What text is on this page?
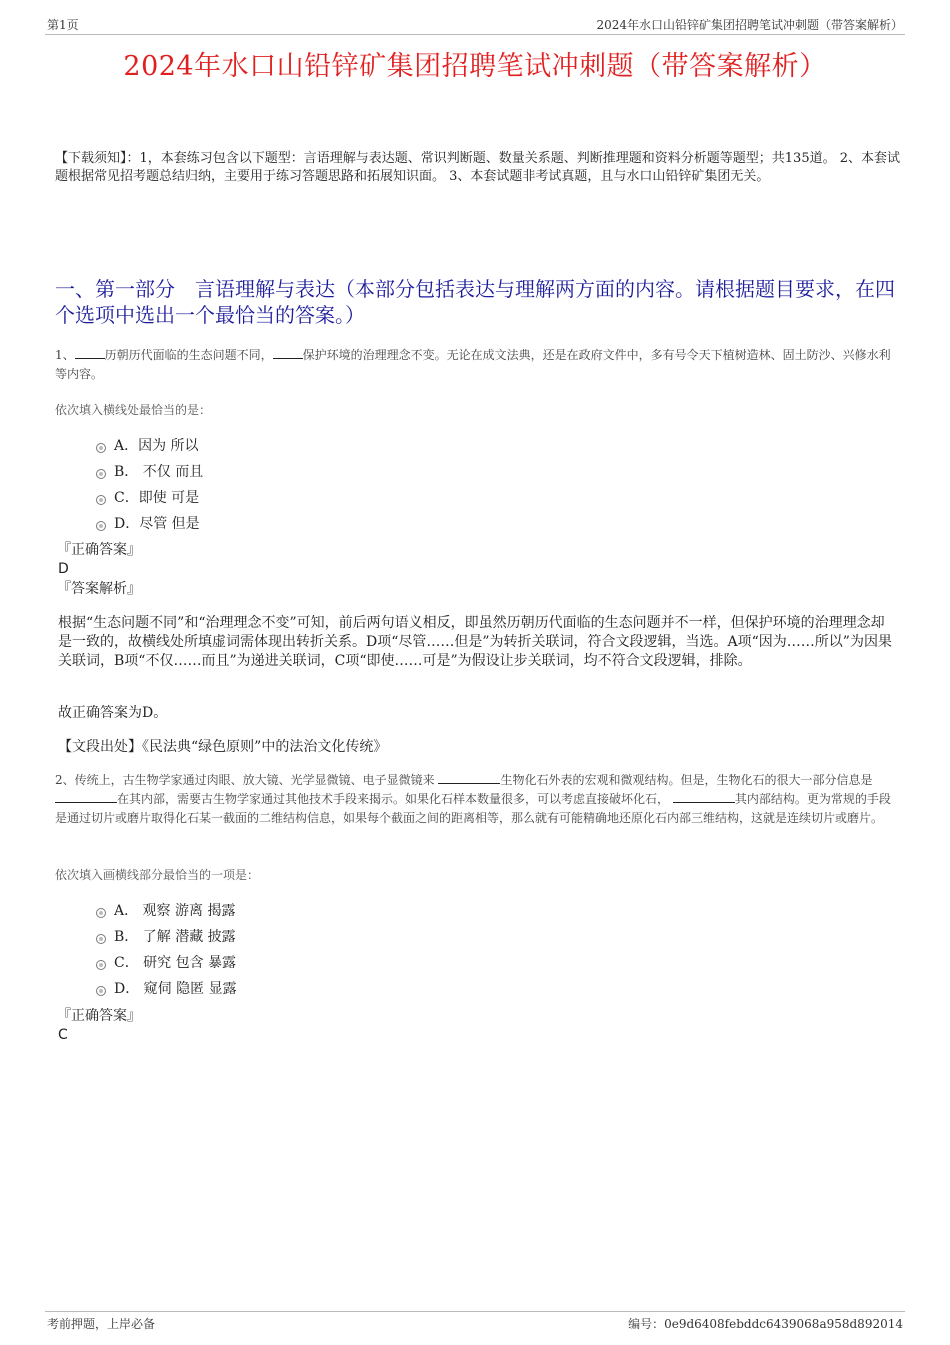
第1页	2024年水口山铅锌矿集团招聘笔试冲刺题（带答案解析）
2024年水口山铅锌矿集团招聘笔试冲刺题（带答案解析）
【下载须知】：1，本套练习包含以下题型：言语理解与表达题、常识判断题、数量关系题、判断推理题和资料分析题等题型；共135道。 2、本套试题根据常见招考题总结归纳，主要用于练习答题思路和拓展知识面。 3、本套试题非考试真题，且与水口山铅锌矿集团无关。
一、第一部分　言语理解与表达（本部分包括表达与理解两方面的内容。请根据题目要求，在四个选项中选出一个最恰当的答案。）
1、	历朝历代面临的生态问题不同，	保护环境的治理理念不变。无论在成文法典，还是在政府文件中，多有号令天下植树造林、固土防沙、兴修水利等内容。
依次填入横线处最恰当的是：
A．因为 所以
B． 不仅 而且
C．即使 可是
D．尽管 但是
『正确答案』
D
『答案解析』
根据“生态问题不同”和“治理理念不变”可知，前后两句语义相反，即虽然历朝历代面临的生态问题并不一样，但保护环境的治理理念却是一致的，故横线处所填虚词需体现出转折关系。D项“尽管……但是”为转折关联词，符合文段逻辑，当选。A项“因为……所以”为因果关联词，B项“不仅……而且”为递进关联词，C项“即使……可是”为假设让步关联词，均不符合文段逻辑，排除。
故正确答案为D。
【文段出处】《民法典“绿色原则”中的法治文化传统》
2、传统上，古生物学家通过肉眼、放大镜、光学显微镜、电子显微镜来	生物化石外表的宏观和微观结构。但是，生物化石的很大一部分信息是 在其内部，需要古生物学家通过其他技术手段来揭示。如果化石样本数量很多，可以考虑直接破坏化石，	其内部结构。更为常规的手段是通过切片或磨片取得化石某一截面的二维结构信息，如果每个截面之间的距离相等，那么就有可能精确地还原化石内部三维结构，这就是连续切片或磨片。
依次填入画横线部分最恰当的一项是：
A． 观察 游离 揭露
B． 了解 潜藏 披露
C． 研究 包含 暴露
D． 窥伺 隐匿 显露
『正确答案』
C
考前押题，上岸必备	编号：0e9d6408febddc6439068a958d892014
